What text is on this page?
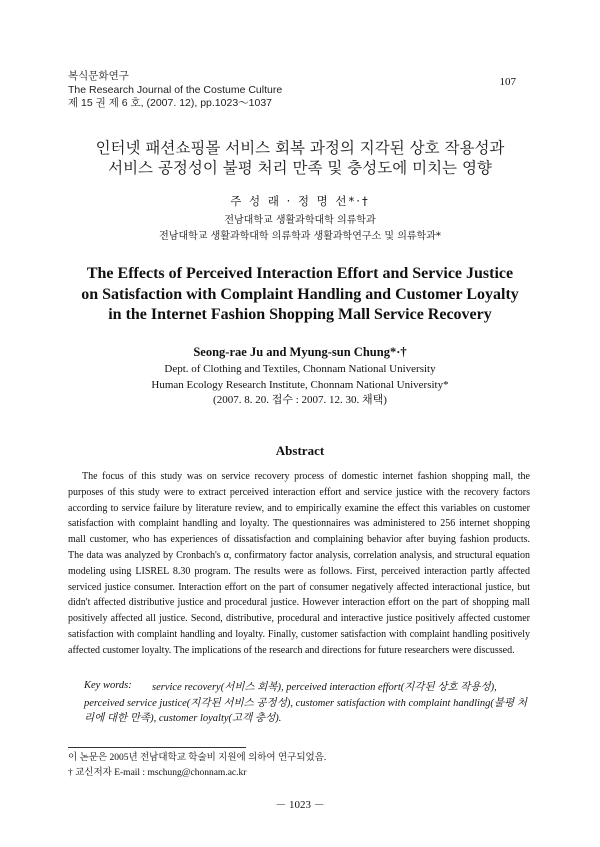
복식문화연구
The Research Journal of the Costume Culture
제 15 권 제 6 호, (2007. 12), pp.1023～1037
107
인터넷 패션쇼핑몰 서비스 회복 과정의 지각된 상호 작용성과
서비스 공정성이 불평 처리 만족 및 충성도에 미치는 영향
주 성 래 · 정 명 선*·†
전남대학교 생활과학대학 의류학과
전남대학교 생활과학대학 의류학과 생활과학연구소 및 의류학과*
The Effects of Perceived Interaction Effort and Service Justice
on Satisfaction with Complaint Handling and Customer Loyalty
in the Internet Fashion Shopping Mall Service Recovery
Seong-rae Ju and Myung-sun Chung*·†
Dept. of Clothing and Textiles, Chonnam National University
Human Ecology Research Institute, Chonnam National University*
(2007. 8. 20. 접수 : 2007. 12. 30. 채택)
Abstract
The focus of this study was on service recovery process of domestic internet fashion shopping mall, the purposes of this study were to extract perceived interaction effort and service justice with the recovery factors according to service failure by literature review, and to empirically examine the effect this variables on customer satisfaction with complaint handling and loyalty. The questionnaires was administered to 256 internet shopping mall customer, who has experiences of dissatisfaction and complaining behavior after buying fashion products. The data was analyzed by Cronbach's α, confirmatory factor analysis, correlation analysis, and structural equation modeling using LISREL 8.30 program. The results were as follows. First, perceived interaction partly affected serviced justice consumer. Interaction effort on the part of consumer negatively affected interactional justice, but didn't affected distributive justice and procedural justice. However interaction effort on the part of shopping mall positively affected all justice. Second, distributive, procedural and interactive justice positively affected customer satisfaction with complaint handling and loyalty. Finally, customer satisfaction with complaint handling positively affected customer loyalty. The implications of the research and directions for future researchers were discussed.
Key words:	service recovery(서비스 회복), perceived interaction effort(지각된 상호 작용성), perceived service justice(지각된 서비스 공정성), customer satisfaction with complaint handling(불평 처리에 대한 만족), customer loyalty(고객 충성).
이 논문은 2005년 전남대학교 학술비 지원에 의하여 연구되었음.
† 교신저자 E-mail : mschung@chonnam.ac.kr
－ 1023 －
